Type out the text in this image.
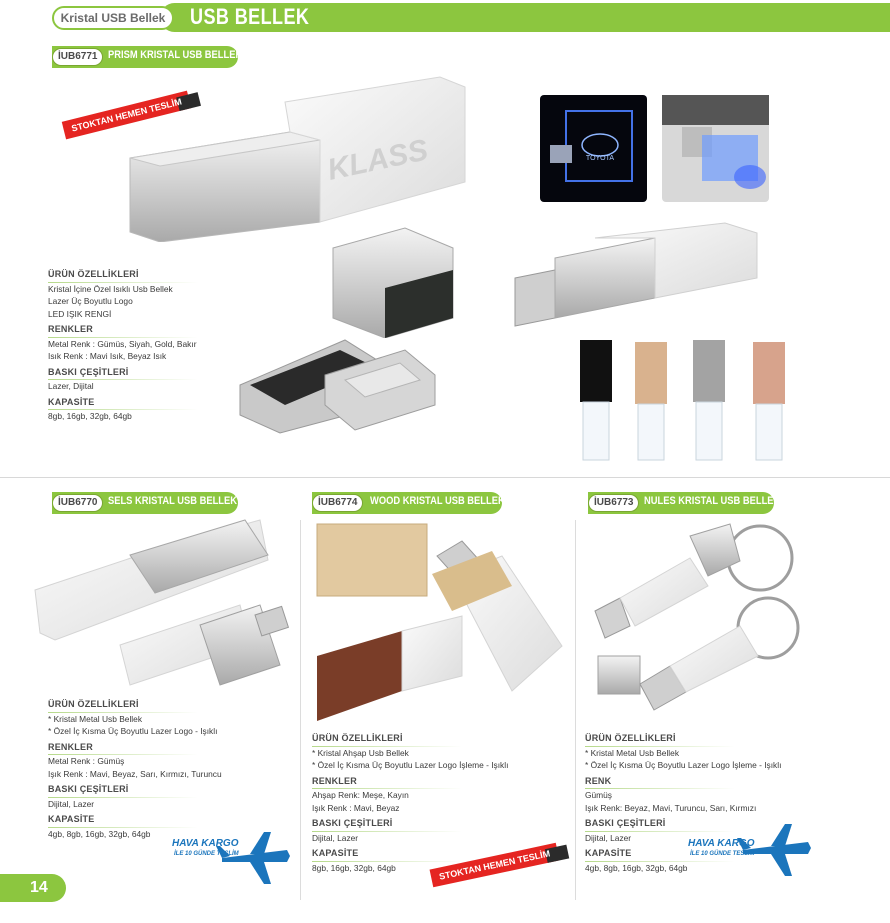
USB BELLEK
Kristal USB Bellek
İUB6771 PRISM KRISTAL USB BELLEK
STOKTAN HEMEN TESLİM
KLASS	TOYOTA
ÜRÜN ÖZELLİKLERİ
Kristal İçine Özel Isıklı Usb Bellek
Lazer Üç Boyutlu Logo
LED IŞIK RENGİ
RENKLER
Metal Renk : Gümüs, Siyah, Gold, Bakır
Isık Renk : Mavi Isık, Beyaz Isık
BASKI ÇEŞİTLERİ
Lazer, Dijital
KAPASİTE
8gb, 16gb, 32gb, 64gb
İUB6770 SELS KRISTAL USB BELLEK
ÜRÜN ÖZELLİKLERİ
* Kristal Metal Usb Bellek
* Özel İç Kısma Üç Boyutlu Lazer Logo - Işıklı
RENKLER
Metal Renk : Gümüş
Işık Renk : Mavi, Beyaz, Sarı, Kırmızı, Turuncu
BASKI ÇEŞİTLERİ
Dijital, Lazer
KAPASİTE
4gb, 8gb, 16gb, 32gb, 64gb
İUB6774	WOOD KRISTAL USB BELLEK
ÜRÜN ÖZELLİKLERİ
* Kristal Ahşap Usb Bellek
* Özel İç Kısma Üç Boyutlu Lazer Logo İşleme - Işıklı
RENKLER
Ahşap Renk: Meşe, Kayın
Işık Renk : Mavi, Beyaz
BASKI ÇEŞİTLERİ
Dijital, Lazer
KAPASİTE
8gb, 16gb, 32gb, 64gb	STOKTAN HEMEN TESLİM
İUB6773 NULES KRISTAL USB BELLEK
ÜRÜN ÖZELLİKLERİ
* Kristal Metal Usb Bellek
* Özel İç Kısma Üç Boyutlu Lazer Logo İşleme - Işıklı
RENK
Gümüş
Işık Renk: Beyaz, Mavi, Turuncu, Sarı, Kırmızı
BASKI ÇEŞİTLERİ
Dijital, Lazer
KAPASİTE
4gb, 8gb, 16gb, 32gb, 64gb
HAVA KARGO
İLE 10 GÜNDE TESLİM
HAVA KARGO
İLE 10 GÜNDE TESLİM
14
